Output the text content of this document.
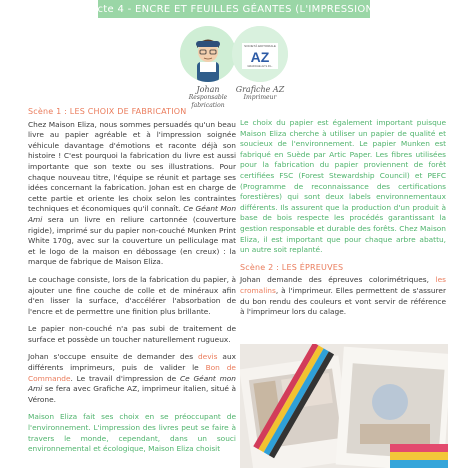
Acte 4 - ENCRE ET FEUILLES GÉANTES (L'IMPRESSION)
SOCIETÀ EDITORIALE
AZ
GRAFICHE AZ S.R.L.
Johan
Responsable
fabrication
Grafiche AZ
Imprimeur
Scène 1 : LES CHOIX DE FABRICATION

Chez Maison Eliza, nous sommes persuadés qu'un beau livre au papier agréable et à l'impression soignée véhicule davantage d'émotions et raconte déjà son histoire ! C'est pourquoi la fabrication du livre est aussi importante que son texte ou ses illustrations. Pour chaque nouveau titre, l'équipe se réunit et partage ses idées concernant la fabrication. Johan est en charge de cette partie et oriente les choix selon les contraintes techniques et économiques qu'il connaît. Ce Géant Mon Ami sera un livre en reliure cartonnée (couverture rigide), imprimé sur du papier non-couché Munken Print White 170g, avec sur la couverture un pelliculage mat et le logo de la maison en débossage (en creux) : la marque de fabrique de Maison Eliza.

Le couchage consiste, lors de la fabrication du papier, à ajouter une fine couche de colle et de minéraux afin d'en lisser la surface, d'accélérer l'absorbation de l'encre et de permettre une finition plus brillante.

Le papier non-couché n'a pas subi de traitement de surface et possède un toucher naturellement rugueux.

Johan s'occupe ensuite de demander des devis aux différents imprimeurs, puis de valider le Bon de Commande. Le travail d'impression de Ce Géant mon Ami se fera avec Grafiche AZ, imprimeur italien, situé à Vérone.

Maison Eliza fait ses choix en se préoccupant de l'environnement. L'impression des livres peut se faire à travers le monde, cependant, dans un souci environnemental et écologique, Maison Eliza choisit

Le choix du papier est également important puisque Maison Eliza cherche à utiliser un papier de qualité et soucieux de l'environnement. Le papier Munken est fabriqué en Suède par Artic Paper. Les fibres utilisées pour la fabrication du papier proviennent de forêt certifiées FSC (Forest Stewardship Council) et PEFC (Programme de reconnaissance des certifications forestières) qui sont deux labels environnementaux différents. Ils assurent que la production d'un produit à base de bois respecte les procédés garantissant la gestion responsable et durable des forêts. Chez Maison Eliza, il est important que pour chaque arbre abattu, un autre soit replanté.

Scène 2 : LES ÉPREUVES

Johan demande des épreuves colorimétriques, les cromalins, à l'imprimeur. Elles permettent de s'assurer du bon rendu des couleurs et vont servir de référence à l'imprimeur lors du calage.
